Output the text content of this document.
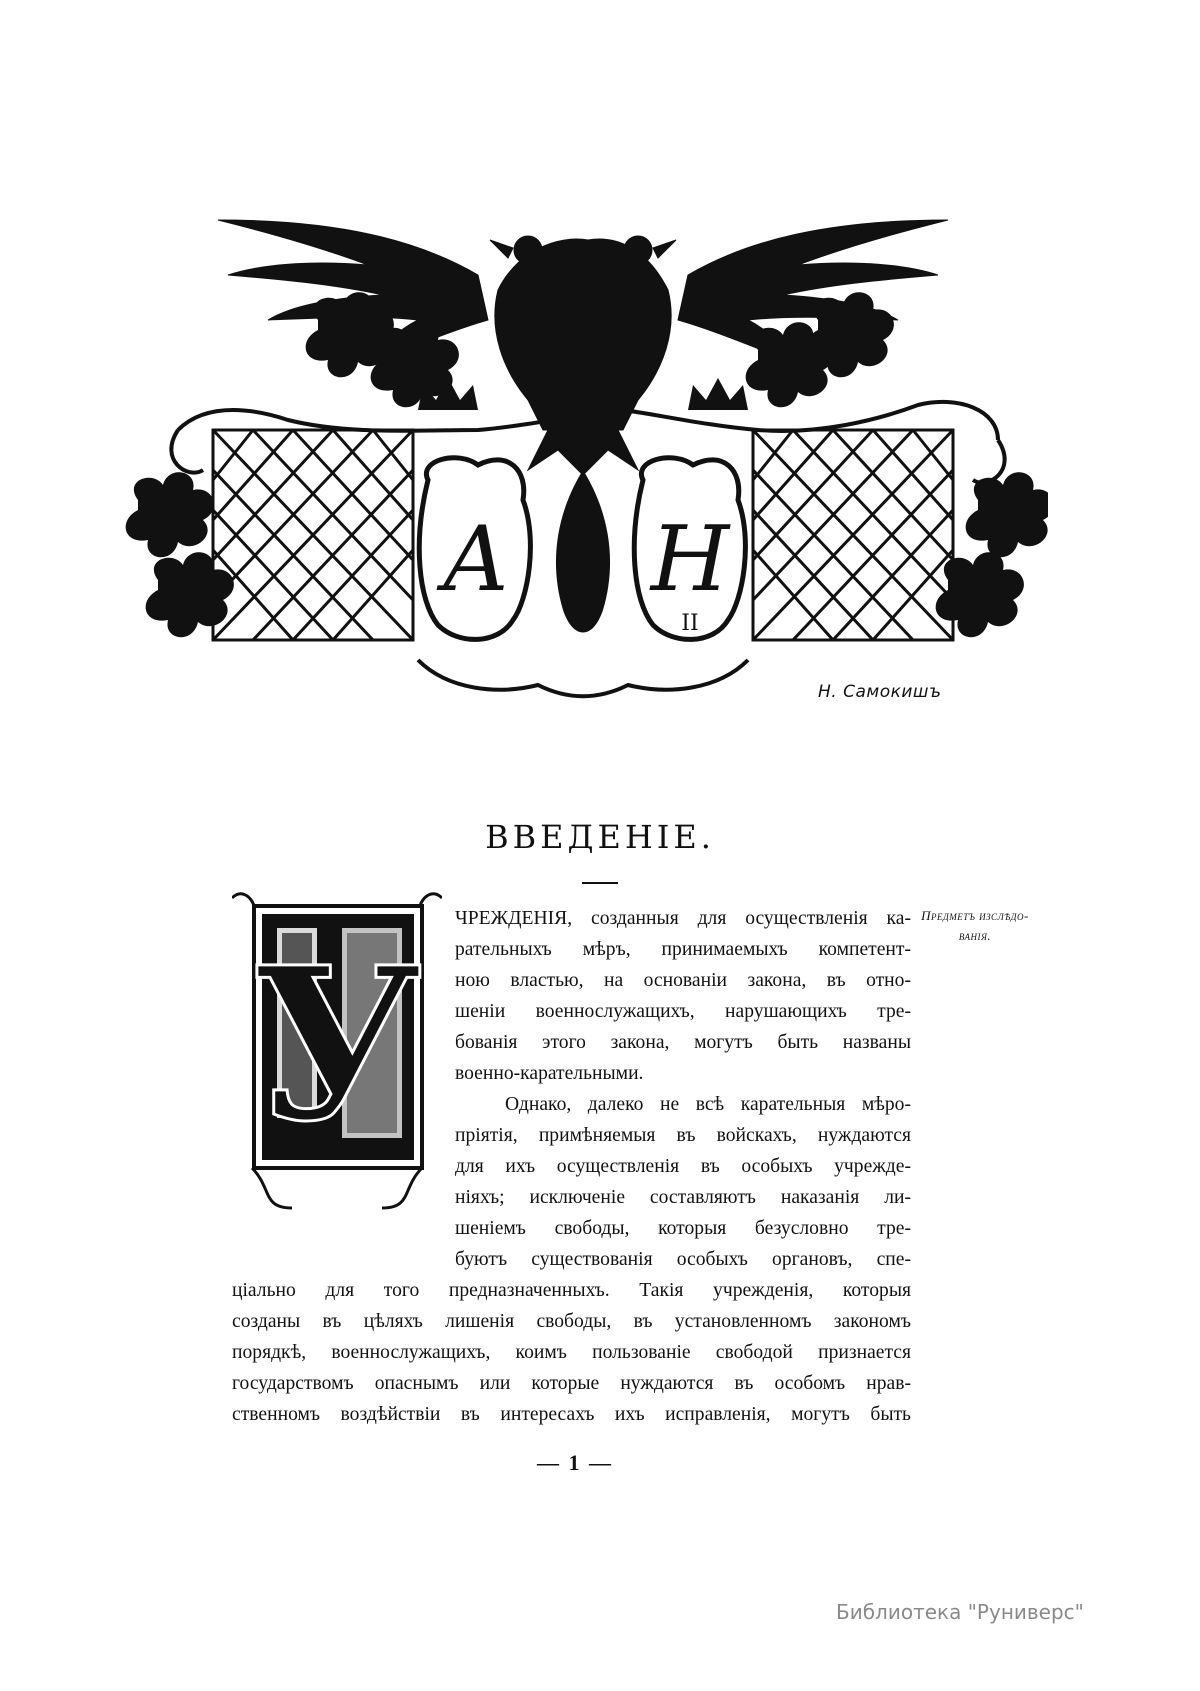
А Н
II
Н. Самокишъ
ВВЕДЕНІЕ.
У
Предметъ изслѣдо-
ванія.
ЧРЕЖДЕНІЯ, созданныя для осуществленія ка-
рательныхъ мѣръ, принимаемыхъ компетент-
ною властью, на основаніи закона, въ отно-
шеніи военнослужащихъ, нарушающихъ тре-
бованія этого закона, могутъ быть названы
военно-карательными.
Однако, далеко не всѣ карательныя мѣро-
пріятія, примѣняемыя въ войскахъ, нуждаются
для ихъ осуществленія въ особыхъ учрежде-
ніяхъ; исключеніе составляютъ наказанія ли-
шеніемъ свободы, которыя безусловно тре-
буютъ существованія особыхъ органовъ, спе-
ціально для того предназначенныхъ. Такія учрежденія, которыя
созданы въ цѣляхъ лишенія свободы, въ установленномъ закономъ
порядкѣ, военнослужащихъ, коимъ пользованіе свободой признается
государствомъ опаснымъ или которые нуждаются въ особомъ нрав-
ственномъ воздѣйствіи въ интересахъ ихъ исправленія, могутъ быть
— 1 —
Библиотека "Руниверс"
